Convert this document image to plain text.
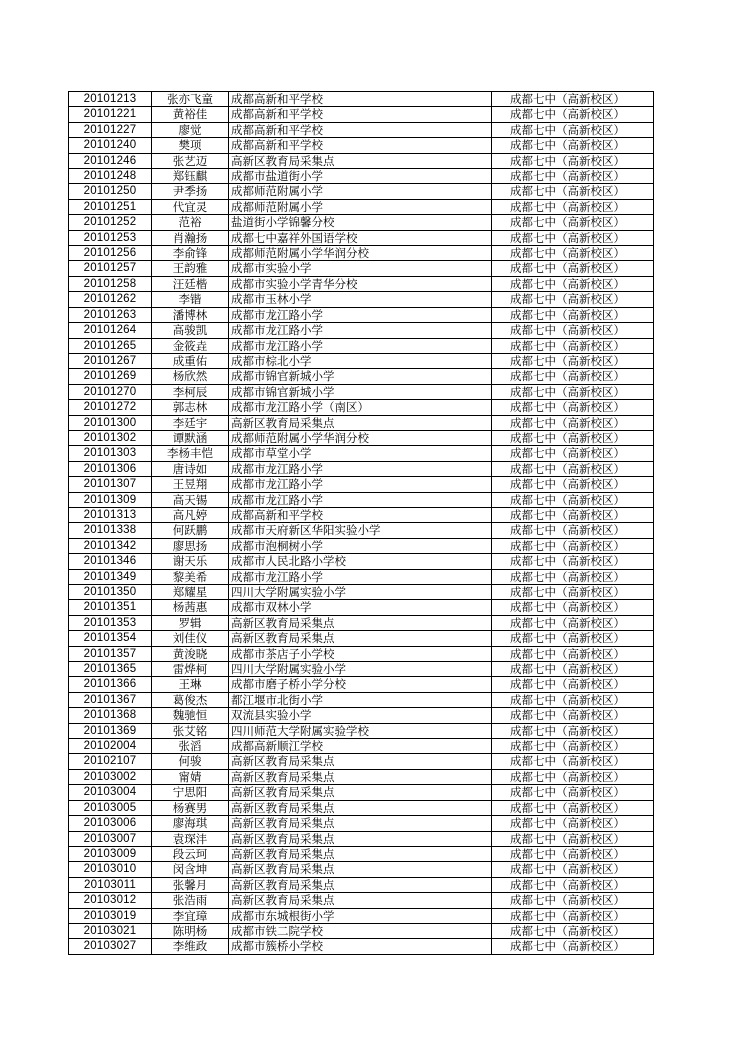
20101213	张亦飞童	成都高新和平学校	成都七中（高新校区）
20101221	黄裕佳	成都高新和平学校	成都七中（高新校区）
20101227	廖觉	成都高新和平学校	成都七中（高新校区）
20101240	樊项	成都高新和平学校	成都七中（高新校区）
20101246	张艺迈	高新区教育局采集点	成都七中（高新校区）
20101248	郑钰麒	成都市盐道街小学	成都七中（高新校区）
20101250	尹季扬	成都师范附属小学	成都七中（高新校区）
20101251	代宜灵	成都师范附属小学	成都七中（高新校区）
20101252	范裕	盐道街小学锦馨分校	成都七中（高新校区）
20101253	肖瀚扬	成都七中嘉祥外国语学校	成都七中（高新校区）
20101256	李俞锋	成都师范附属小学华润分校	成都七中（高新校区）
20101257	王韵雅	成都市实验小学	成都七中（高新校区）
20101258	汪廷楷	成都市实验小学青华分校	成都七中（高新校区）
20101262	李锴	成都市玉林小学	成都七中（高新校区）
20101263	潘博林	成都市龙江路小学	成都七中（高新校区）
20101264	高骏凯	成都市龙江路小学	成都七中（高新校区）
20101265	金筱垚	成都市龙江路小学	成都七中（高新校区）
20101267	成重佑	成都市棕北小学	成都七中（高新校区）
20101269	杨欣然	成都市锦官新城小学	成都七中（高新校区）
20101270	李柯辰	成都市锦官新城小学	成都七中（高新校区）
20101272	郭志林	成都市龙江路小学（南区）	成都七中（高新校区）
20101300	李廷宇	高新区教育局采集点	成都七中（高新校区）
20101302	谭默涵	成都师范附属小学华润分校	成都七中（高新校区）
20101303	李杨丰恺	成都市草堂小学	成都七中（高新校区）
20101306	唐诗如	成都市龙江路小学	成都七中（高新校区）
20101307	王昱翔	成都市龙江路小学	成都七中（高新校区）
20101309	高天锡	成都市龙江路小学	成都七中（高新校区）
20101313	高凡婷	成都高新和平学校	成都七中（高新校区）
20101338	何跃鹏	成都市天府新区华阳实验小学	成都七中（高新校区）
20101342	廖思扬	成都市泡桐树小学	成都七中（高新校区）
20101346	谢天乐	成都市人民北路小学校	成都七中（高新校区）
20101349	黎美希	成都市龙江路小学	成都七中（高新校区）
20101350	郑耀星	四川大学附属实验小学	成都七中（高新校区）
20101351	杨茜惠	成都市双林小学	成都七中（高新校区）
20101353	罗辑	高新区教育局采集点	成都七中（高新校区）
20101354	刘佳仪	高新区教育局采集点	成都七中（高新校区）
20101357	黄浚晓	成都市茶店子小学校	成都七中（高新校区）
20101365	雷烨柯	四川大学附属实验小学	成都七中（高新校区）
20101366	王琳	成都市磨子桥小学分校	成都七中（高新校区）
20101367	葛俊杰	都江堰市北街小学	成都七中（高新校区）
20101368	魏驰恒	双流县实验小学	成都七中（高新校区）
20101369	张艾铭	四川师范大学附属实验学校	成都七中（高新校区）
20102004	张滔	成都高新顺江学校	成都七中（高新校区）
20102107	何骏	高新区教育局采集点	成都七中（高新校区）
20103002	甯婧	高新区教育局采集点	成都七中（高新校区）
20103004	宁思阳	高新区教育局采集点	成都七中（高新校区）
20103005	杨赛男	高新区教育局采集点	成都七中（高新校区）
20103006	廖海琪	高新区教育局采集点	成都七中（高新校区）
20103007	袁琛沣	高新区教育局采集点	成都七中（高新校区）
20103009	段云珂	高新区教育局采集点	成都七中（高新校区）
20103010	闵含坤	高新区教育局采集点	成都七中（高新校区）
20103011	张馨月	高新区教育局采集点	成都七中（高新校区）
20103012	张浩雨	高新区教育局采集点	成都七中（高新校区）
20103019	李宜璋	成都市东城根街小学	成都七中（高新校区）
20103021	陈明杨	成都市铁二院学校	成都七中（高新校区）
20103027	李维政	成都市簇桥小学校	成都七中（高新校区）
